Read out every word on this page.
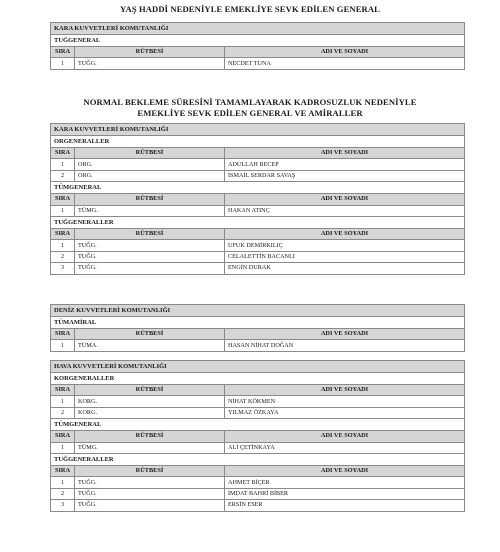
YAŞ HADDİ NEDENİYLE EMEKLİYE SEVK EDİLEN GENERAL
KARA KUVVETLERİ KOMUTANLIĞI		
TUĞGENERAL		
SIRA	RÜTBESİ	ADI VE SOYADI
1	TUĞG.	NECDET TUNA
NORMAL BEKLEME SÜRESİNİ TAMAMLAYARAK KADROSUZLUK NEDENİYLE
EMEKLİYE SEVK EDİLEN GENERAL VE AMİRALLER
KARA KUVVETLERİ KOMUTANLIĞI		
ORGENERALLER		
SIRA	RÜTBESİ	ADI VE SOYADI
1	ORG.	ADULLAH RECEP
2	ORG.	İSMAİL SERDAR SAVAŞ
TÜMGENERAL		
SIRA	RÜTBESİ	ADI VE SOYADI
1	TÜMG.	HAKAN ATINÇ
TUĞGENERALLER		
SIRA	RÜTBESİ	ADI VE SOYADI
1	TUĞG.	UFUK DEMİRKILIÇ
2	TUĞG.	CELALETTİN BACANLI
3	TUĞG.	ENGİN DURAK
DENİZ KUVVETLERİ KOMUTANLIĞI		
TÜMAMİRAL		
SIRA	RÜTBESİ	ADI VE SOYADI
1	TÜMA.	HASAN NİHAT DOĞAN
HAVA KUVVETLERİ KOMUTANLIĞI		
KORGENERALLER		
SIRA	RÜTBESİ	ADI VE SOYADI
1	KORG.	NİHAT KÖKMEN
2	KORG.	YILMAZ ÖZKAYA
TÜMGENERAL		
SIRA	RÜTBESİ	ADI VE SOYADI
1	TÜMG.	ALİ ÇETİNKAYA
TUĞGENERALLER		
SIRA	RÜTBESİ	ADI VE SOYADI
1	TUĞG.	AHMET BİÇER
2	TUĞG.	İMDAT BAHRİ BİBER
3	TUĞG.	ERSİN ESER
